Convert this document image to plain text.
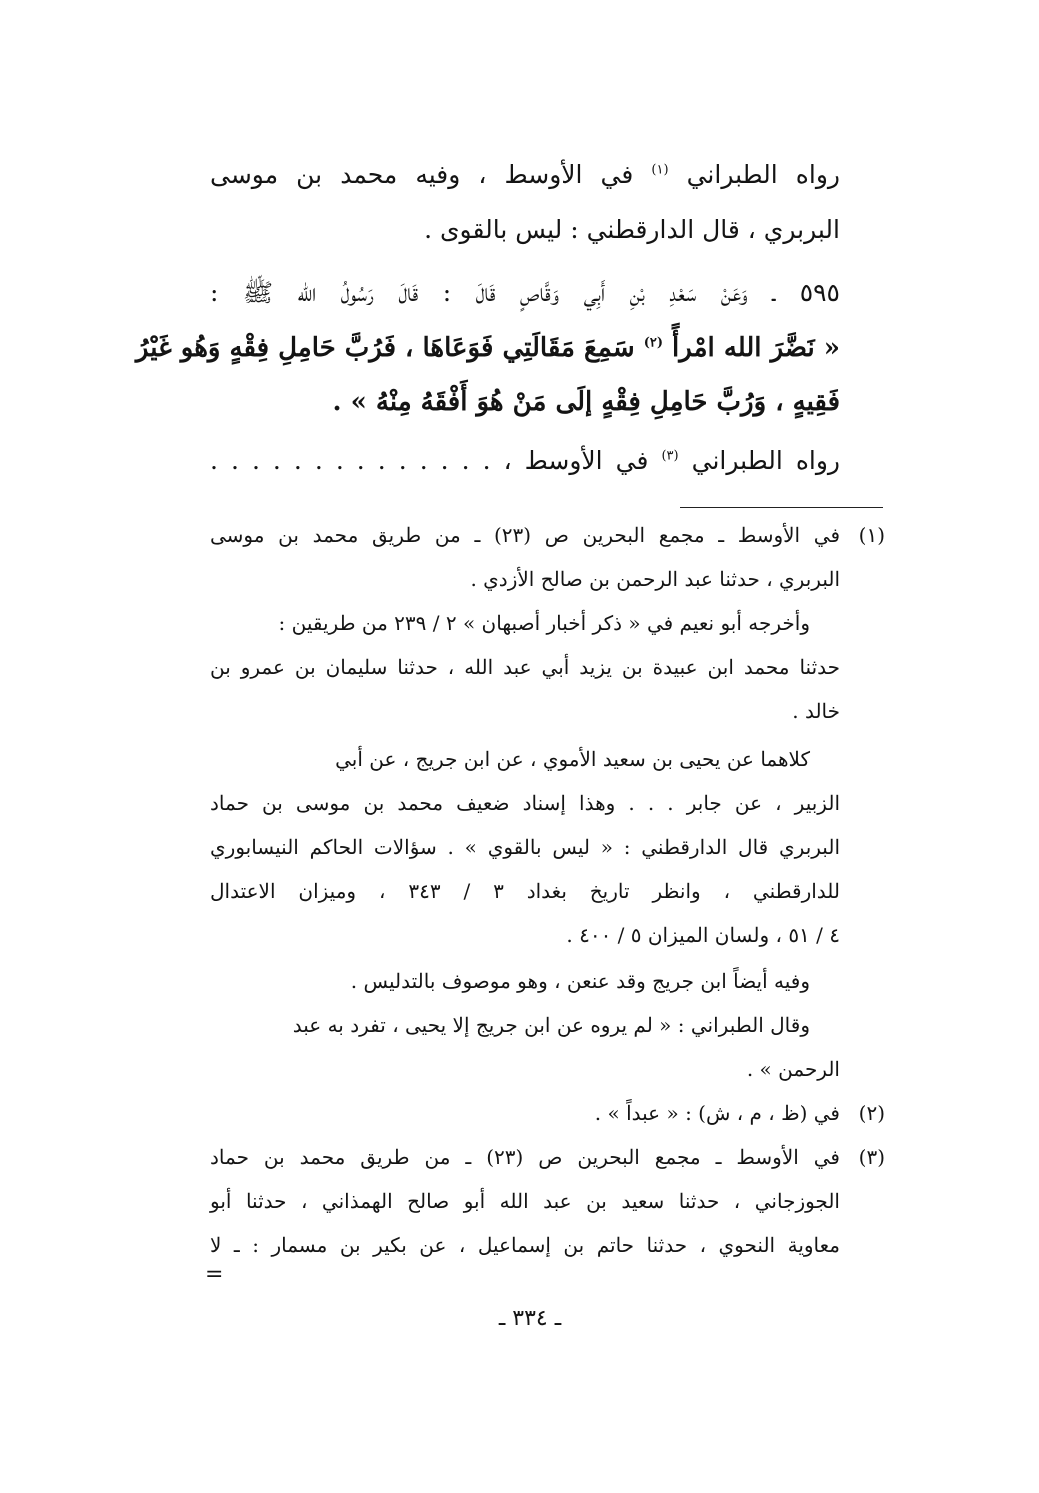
رواه الطبراني $^{(١)}$ في الأوسط ، وفيه محمد بن موسى
البربري ، قال الدارقطني : ليس بالقوى .
٥٩٥ ـ وَعَنْ سَعْدِ بْنِ أَبِي وَقَّاصٍ قَالَ : قَالَ رَسُولُ الله ﷺ :
« نَضَّرَ الله امْرأً $^{(٢)}$ سَمِعَ مَقَالَتِي فَوَعَاهَا ، فَرُبَّ حَامِلِ فِقْهٍ وَهُو غَيْرُ
فَقِيهٍ ، وَرُبَّ حَامِلِ فِقْهٍ إلَى مَنْ هُوَ أَفْقَهُ مِنْهُ » .
رواه الطبراني $^{(٣)}$ في الأوسط ، . . . . . . . . . . . . . .
في الأوسط ـ مجمع البحرين ص (٢٣) ـ من طريق محمد بن موسى (١)
البربري ، حدثنا عبد الرحمن بن صالح الأزدي .
وأخرجه أبو نعيم في « ذكر أخبار أصبهان » ٢ / ٢٣٩ من طريقين :
حدثنا محمد ابن عبيدة بن يزيد أبي عبد الله ، حدثنا سليمان بن عمرو بن
خالد .
كلاهما عن يحيى بن سعيد الأموي ، عن ابن جريج ، عن أبي
الزبير ، عن جابر . . . وهذا إسناد ضعيف محمد بن موسى بن حماد
البربري قال الدارقطني : « ليس بالقوي » . سؤالات الحاكم النيسابوري
للدارقطني ، وانظر تاريخ بغداد ٣ / ٣٤٣ ، وميزان الاعتدال
٤ / ٥١ ، ولسان الميزان ٥ / ٤٠٠ .
وفيه أيضاً ابن جريج وقد عنعن ، وهو موصوف بالتدليس .
وقال الطبراني : « لم يروه عن ابن جريج إلا يحيى ، تفرد به عبد
الرحمن » .
في (ظ ، م ، ش) : « عبداً » . (٢)
في الأوسط ـ مجمع البحرين ص (٢٣) ـ من طريق محمد بن حماد (٣)
الجوزجاني ، حدثنا سعيد بن عبد الله أبو صالح الهمذاني ، حدثنا أبو
معاوية النحوي ، حدثنا حاتم بن إسماعيل ، عن بكير بن مسمار : ـ لا
=
ـ ٣٣٤ ـ
